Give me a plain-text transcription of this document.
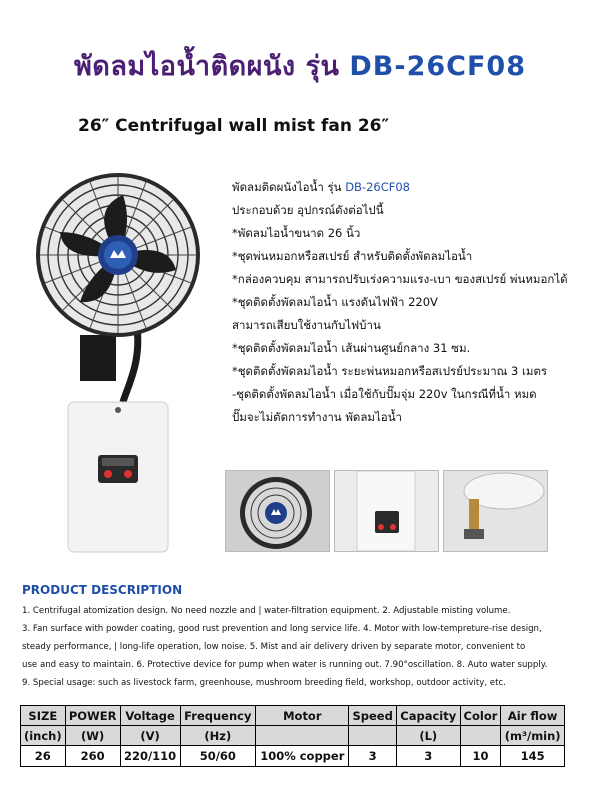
พัดลมไอน้ำติดผนัง รุ่น DB-26CF08
26″ Centrifugal wall mist fan 26″
พัดลมติดผนังไอน้ำ รุ่น DB-26CF08
ประกอบด้วย อุปกรณ์ดังต่อไปนี้
*พัดลมไอน้ำขนาด 26 นิ้ว
*ชุดพ่นหมอกหรือสเปรย์ สำหรับติดตั้งพัดลมไอน้ำ
*กล่องควบคุม สามารถปรับเร่งความแรง-เบา ของสเปรย์ พ่นหมอกได้
*ชุดติดตั้งพัดลมไอน้ำ แรงดันไฟฟ้า 220V
สามารถเสียบใช้งานกับไฟบ้าน
*ชุดติดตั้งพัดลมไอน้ำ เส้นผ่านศูนย์กลาง 31 ซม.
*ชุดติดตั้งพัดลมไอน้ำ ระยะพ่นหมอกหรือสเปรย์ประมาณ 3 เมตร
-ชุดติดตั้งพัดลมไอน้ำ เมื่อใช้กับปั๊มจุ่ม 220v ในกรณีที่น้ำ หมด
ปั๊มจะไม่ตัดการทำงาน พัดลมไอน้ำ
PRODUCT DESCRIPTION
1. Centrifugal atomization design. No need nozzle and | water-filtration equipment. 2. Adjustable misting volume.
3. Fan surface with powder coating, good rust prevention and long service life. 4. Motor with low-tempreture-rise design,
steady performance, | long-life operation, low noise. 5. Mist and air delivery driven by separate motor, convenient to
use and easy to maintain. 6. Protective device for pump when water is running out. 7.90°oscillation. 8. Auto water supply.
9. Special usage: such as livestock farm, greenhouse, mushroom breeding field, workshop, outdoor activity, etc.
SIZE	POWER	Voltage	Frequency	Motor	Speed	Capacity	Color	Air flow
(inch)	(W)	(V)	(Hz)			(L)		(m³/min)
26	260	220/110	50/60	100% copper	3	3	10	145
